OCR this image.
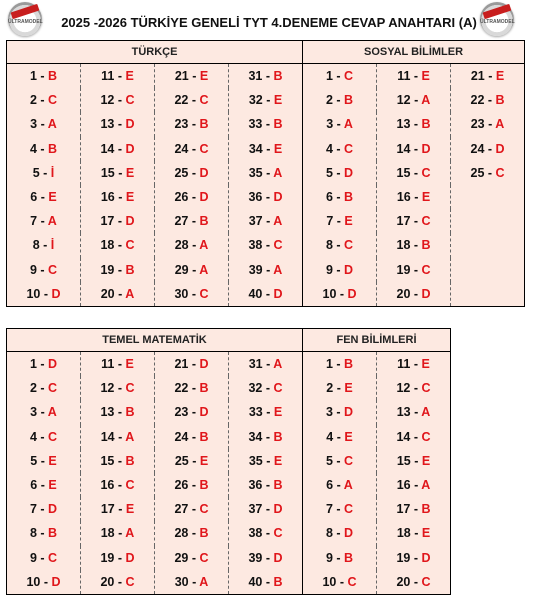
ÜLTRAMODEL	ÜLTRAMODEL
2025 -2026 TÜRKİYE GENELİ TYT 4.DENEME CEVAP ANAHTARI (A)
TÜRKÇE				SOSYAL BİLİMLER		
1 - B	11 - E	21 - E	31 - B	1 - C	11 - E	21 - E
2 - C	12 - C	22 - C	32 - E	2 - B	12 - A	22 - B
3 - A	13 - D	23 - B	33 - B	3 - A	13 - B	23 - A
4 - B	14 - D	24 - C	34 - E	4 - C	14 - D	24 - D
5 - İ	15 - E	25 - D	35 - A	5 - D	15 - C	25 - C
6 - E	16 - E	26 - D	36 - D	6 - B	16 - E	
7 - A	17 - D	27 - B	37 - A	7 - E	17 - C	
8 - İ	18 - C	28 - A	38 - C	8 - C	18 - B	
9 - C	19 - B	29 - A	39 - A	9 - D	19 - C	
10 - D	20 - A	30 - C	40 - D	10 - D	20 - D	
TEMEL MATEMATİK				FEN BİLİMLERİ	
1 - D	11 - E	21 - D	31 - A	1 - B	11 - E
2 - C	12 - C	22 - B	32 - C	2 - E	12 - C
3 - A	13 - B	23 - D	33 - E	3 - D	13 - A
4 - C	14 - A	24 - B	34 - B	4 - E	14 - C
5 - E	15 - B	25 - E	35 - E	5 - C	15 - E
6 - E	16 - C	26 - B	36 - B	6 - A	16 - A
7 - D	17 - E	27 - C	37 - D	7 - C	17 - B
8 - B	18 - A	28 - B	38 - C	8 - D	18 - E
9 - C	19 - D	29 - C	39 - D	9 - B	19 - D
10 - D	20 - C	30 - A	40 - B	10 - C	20 - C
